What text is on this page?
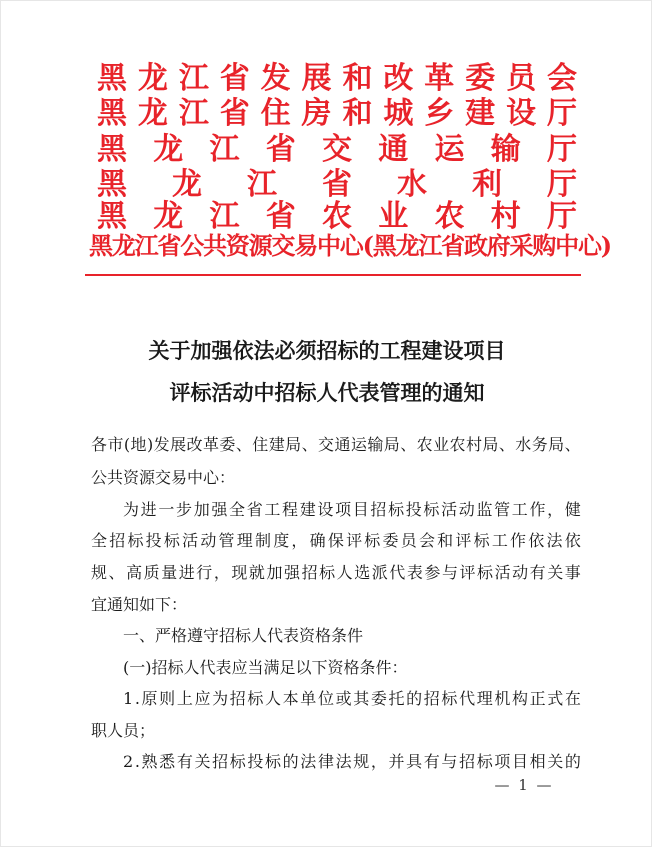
黑 龙 江 省 发 展 和 改 革 委 员 会
黑 龙 江 省 住 房 和 城 乡 建 设 厅
黑 龙 江 省 交 通 运 输 厅
黑 龙 江 省 水 利 厅
黑 龙 江 省 农 业 农 村 厅
黑龙江省公共资源交易中心(黑龙江省政府采购中心)
关于加强依法必须招标的工程建设项目
评标活动中招标人代表管理的通知
各 市 ( 地 ) 发 展 改 革 委 、 住 建 局 、 交 通 运 输 局 、 农 业 农 村 局 、 水 务 局 、
公共资源交易中心：
为 进 一 步 加 强 全 省 工 程 建 设 项 目 招 标 投 标 活 动 监 管 工 作 ， 健
全 招 标 投 标 活 动 管 理 制 度 ， 确 保 评 标 委 员 会 和 评 标 工 作 依 法 依
规 、 高 质 量 进 行 ， 现 就 加 强 招 标 人 选 派 代 表 参 与 评 标 活 动 有 关 事
宜通知如下：
一、严格遵守招标人代表资格条件
(一)招标人代表应当满足以下资格条件：
1 . 原 则 上 应 为 招 标 人 本 单 位 或 其 委 托 的 招 标 代 理 机 构 正 式 在
职人员；
2 . 熟 悉 有 关 招 标 投 标 的 法 律 法 规 ， 并 具 有 与 招 标 项 目 相 关 的
— 1 —
